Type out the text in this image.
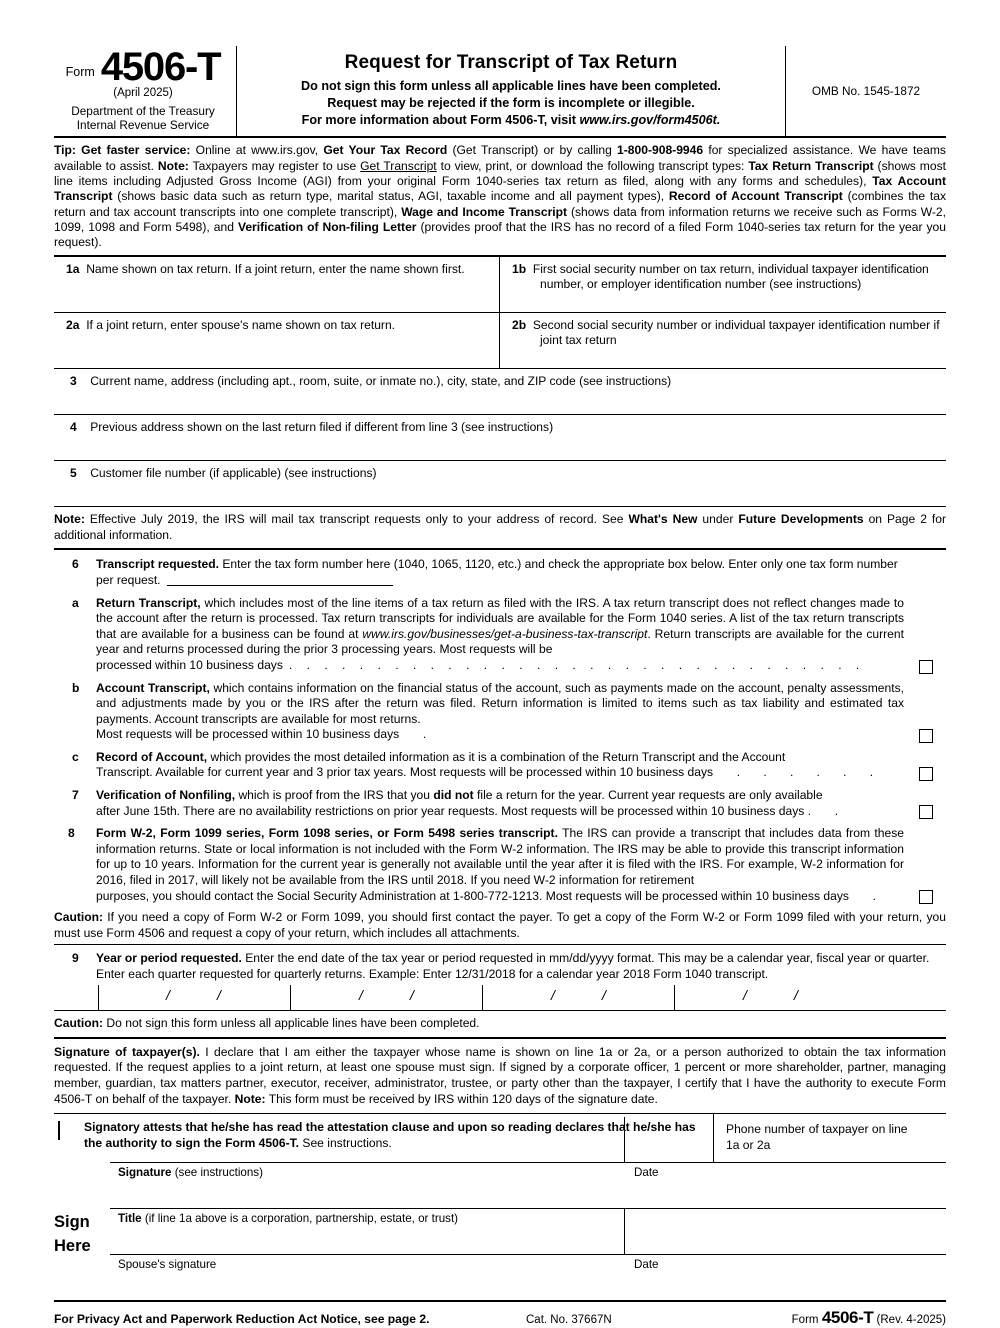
Form 4506-T
(April 2025)
Department of the Treasury
Internal Revenue Service
Request for Transcript of Tax Return
Do not sign this form unless all applicable lines have been completed.
Request may be rejected if the form is incomplete or illegible.
For more information about Form 4506-T, visit www.irs.gov/form4506t.
OMB No. 1545-1872
Tip: Get faster service: Online at www.irs.gov, Get Your Tax Record (Get Transcript) or by calling 1-800-908-9946 for specialized assistance. We have teams available to assist. Note: Taxpayers may register to use Get Transcript to view, print, or download the following transcript types: Tax Return Transcript (shows most line items including Adjusted Gross Income (AGI) from your original Form 1040-series tax return as filed, along with any forms and schedules), Tax Account Transcript (shows basic data such as return type, marital status, AGI, taxable income and all payment types), Record of Account Transcript (combines the tax return and tax account transcripts into one complete transcript), Wage and Income Transcript (shows data from information returns we receive such as Forms W-2, 1099, 1098 and Form 5498), and Verification of Non-filing Letter (provides proof that the IRS has no record of a filed Form 1040-series tax return for the year you request).
1a Name shown on tax return. If a joint return, enter the name shown first.	1b First social security number on tax return, individual taxpayer identification number, or employer identification number (see instructions)
2a If a joint return, enter spouse's name shown on tax return.	2b Second social security number or individual taxpayer identification number if joint tax return
3 Current name, address (including apt., room, suite, or inmate no.), city, state, and ZIP code (see instructions)
4 Previous address shown on the last return filed if different from line 3 (see instructions)
5 Customer file number (if applicable) (see instructions)
Note: Effective July 2019, the IRS will mail tax transcript requests only to your address of record. See What's New under Future Developments on Page 2 for additional information.
6	Transcript requested. Enter the tax form number here (1040, 1065, 1120, etc.) and check the appropriate box below. Enter only one tax form number per request.
a	Return Transcript, which includes most of the line items of a tax return as filed with the IRS. A tax return transcript does not reflect changes made to the account after the return is processed. Tax return transcripts for individuals are available for the Form 1040 series. A list of the tax return transcripts that are available for a business can be found at www.irs.gov/businesses/get-a-business-tax-transcript. Return transcripts are available for the current year and returns processed during the prior 3 processing years. Most requests will be
processed within 10 business days . . . . . . . . . . . . . . . . . . . . . . . . . . . . . . . . .
b	Account Transcript, which contains information on the financial status of the account, such as payments made on the account, penalty assessments, and adjustments made by you or the IRS after the return was filed. Return information is limited to items such as tax liability and estimated tax payments. Account transcripts are available for most returns.
Most requests will be processed within 10 business days .
c	Record of Account, which provides the most detailed information as it is a combination of the Return Transcript and the Account
Transcript. Available for current year and 3 prior tax years. Most requests will be processed within 10 business days .  .  .  .  .  .
7	Verification of Nonfiling, which is proof from the IRS that you did not file a return for the year. Current year requests are only available
after June 15th. There are no availability restrictions on prior year requests. Most requests will be processed within 10 business days . .
8	Form W-2, Form 1099 series, Form 1098 series, or Form 5498 series transcript. The IRS can provide a transcript that includes data from these information returns. State or local information is not included with the Form W-2 information. The IRS may be able to provide this transcript information for up to 10 years. Information for the current year is generally not available until the year after it is filed with the IRS. For example, W-2 information for 2016, filed in 2017, will likely not be available from the IRS until 2018. If you need W-2 information for retirement
purposes, you should contact the Social Security Administration at 1-800-772-1213. Most requests will be processed within 10 business days .
Caution: If you need a copy of Form W-2 or Form 1099, you should first contact the payer. To get a copy of the Form W-2 or Form 1099 filed with your return, you must use Form 4506 and request a copy of your return, which includes all attachments.
9	Year or period requested. Enter the end date of the tax year or period requested in mm/dd/yyyy format. This may be a calendar year, fiscal year or quarter. Enter each quarter requested for quarterly returns. Example: Enter 12/31/2018 for a calendar year 2018 Form 1040 transcript.
/	/	/	/	/	/	/	/
Caution: Do not sign this form unless all applicable lines have been completed.
Signature of taxpayer(s). I declare that I am either the taxpayer whose name is shown on line 1a or 2a, or a person authorized to obtain the tax information requested. If the request applies to a joint return, at least one spouse must sign. If signed by a corporate officer, 1 percent or more shareholder, partner, managing member, guardian, tax matters partner, executor, receiver, administrator, trustee, or party other than the taxpayer, I certify that I have the authority to execute Form 4506-T on behalf of the taxpayer. Note: This form must be received by IRS within 120 days of the signature date.
Signatory attests that he/she has read the attestation clause and upon so reading declares that he/she has the authority to sign the Form 4506-T. See instructions.
Phone number of taxpayer on line
1a or 2a
Sign
Here
Signature (see instructions)	Date
Title (if line 1a above is a corporation, partnership, estate, or trust)
Spouse's signature	Date
For Privacy Act and Paperwork Reduction Act Notice, see page 2.	Cat. No. 37667N	Form 4506-T (Rev. 4-2025)
